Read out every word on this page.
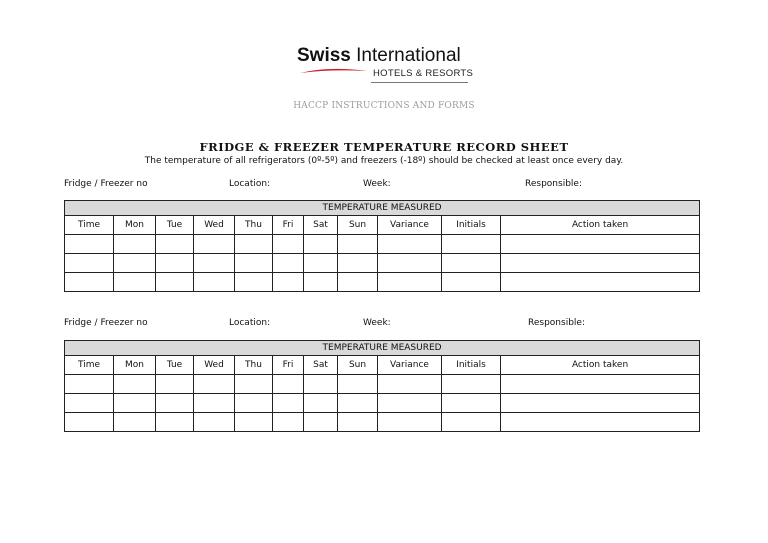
Swiss International
HOTELS & RESORTS
HACCP INSTRUCTIONS AND FORMS
FRIDGE & FREEZER TEMPERATURE RECORD SHEET
The temperature of all refrigerators (0º-5º) and freezers (-18º) should be checked at least once every day.
Fridge / Freezer no	Location:	Week:	Responsible:
TEMPERATURE MEASURED										
Time	Mon	Tue	Wed	Thu	Fri	Sat	Sun	Variance	Initials	Action taken

Fridge / Freezer no	Location:	Week:	Responsible:
TEMPERATURE MEASURED										
Time	Mon	Tue	Wed	Thu	Fri	Sat	Sun	Variance	Initials	Action taken
